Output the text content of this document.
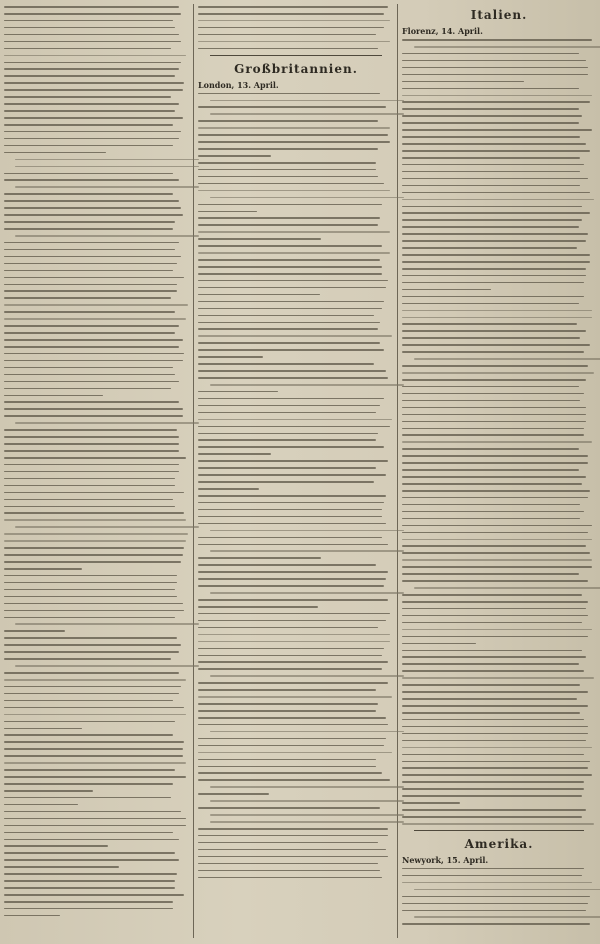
Großbritannien.
London, 13. April.
Italien.
Florenz, 14. April.
Amerika.
Newyork, 15. April.
